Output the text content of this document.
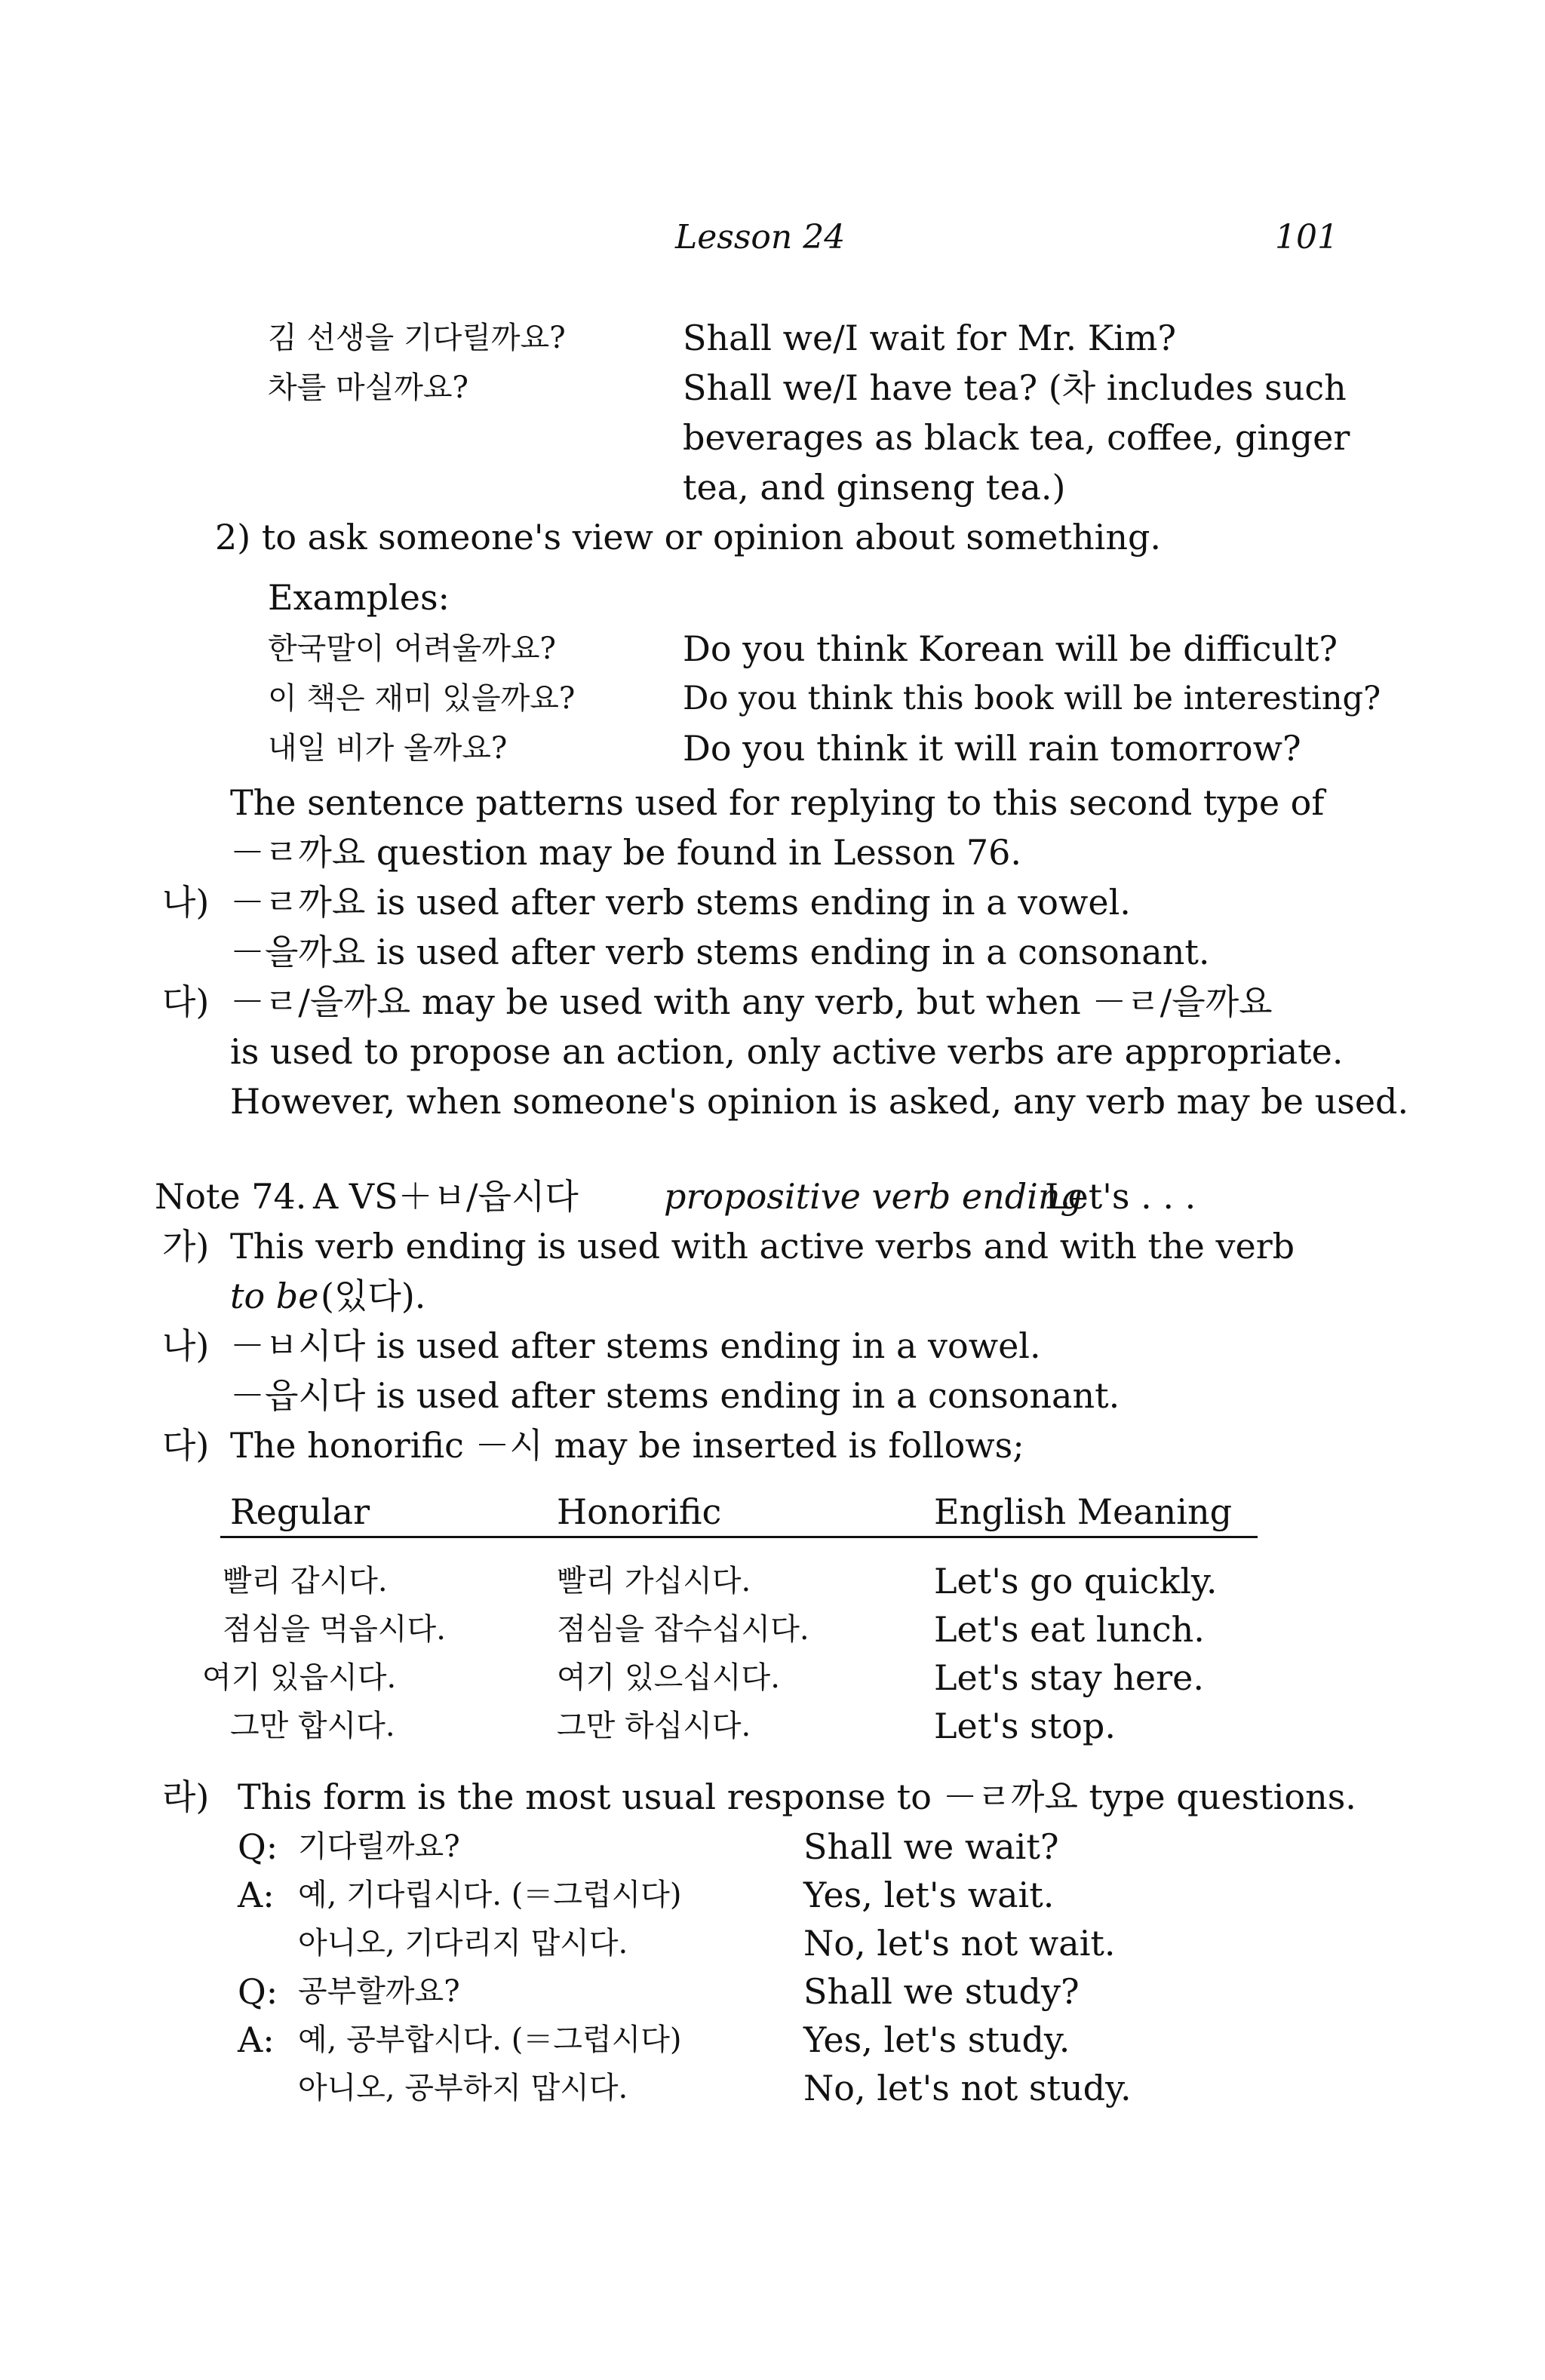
Lesson 24	101
김 선생을 기다릴까요?	Shall we/I wait for Mr. Kim?
차를 마실까요?	Shall we/I have tea? (차 includes such
beverages as black tea, coffee, ginger
tea, and ginseng tea.)
2) to ask someone's view or opinion about something.
Examples:
한국말이 어려울까요?	Do you think Korean will be difficult?
이 책은 재미 있을까요?	Do you think this book will be interesting?
내일 비가 올까요?	Do you think it will rain tomorrow?
The sentence patterns used for replying to this second type of
－ㄹ까요 question may be found in Lesson 76.
나) －ㄹ까요 is used after verb stems ending in a vowel.
－을까요 is used after verb stems ending in a consonant.
다) －ㄹ/을까요 may be used with any verb, but when －ㄹ/을까요
is used to propose an action, only active verbs are appropriate.
However, when someone's opinion is asked, any verb may be used.
Note 74. A VS＋ㅂ/읍시다 propositive verb ending
Let's . . .
가) This verb ending is used with active verbs and with the verb
to be (있다).
나) －ㅂ시다 is used after stems ending in a vowel.
－읍시다 is used after stems ending in a consonant.
다) The honorific －시 may be inserted is follows;
Regular	Honorific	English Meaning
빨리 갑시다.	빨리 가십시다.	Let's go quickly.
점심을 먹읍시다.	점심을 잡수십시다.	Let's eat lunch.
여기 있읍시다.	여기 있으십시다.	Let's stay here.
그만 합시다.	그만 하십시다.	Let's stop.
라) This form is the most usual response to －ㄹ까요 type questions.
Q: 기다릴까요?	Shall we wait?
A: 예, 기다립시다. (＝그럽시다)	Yes, let's wait.
아니오, 기다리지 맙시다.	No, let's not wait.
Q: 공부할까요?	Shall we study?
A: 예, 공부합시다. (＝그럽시다)	Yes, let's study.
아니오, 공부하지 맙시다.	No, let's not study.
